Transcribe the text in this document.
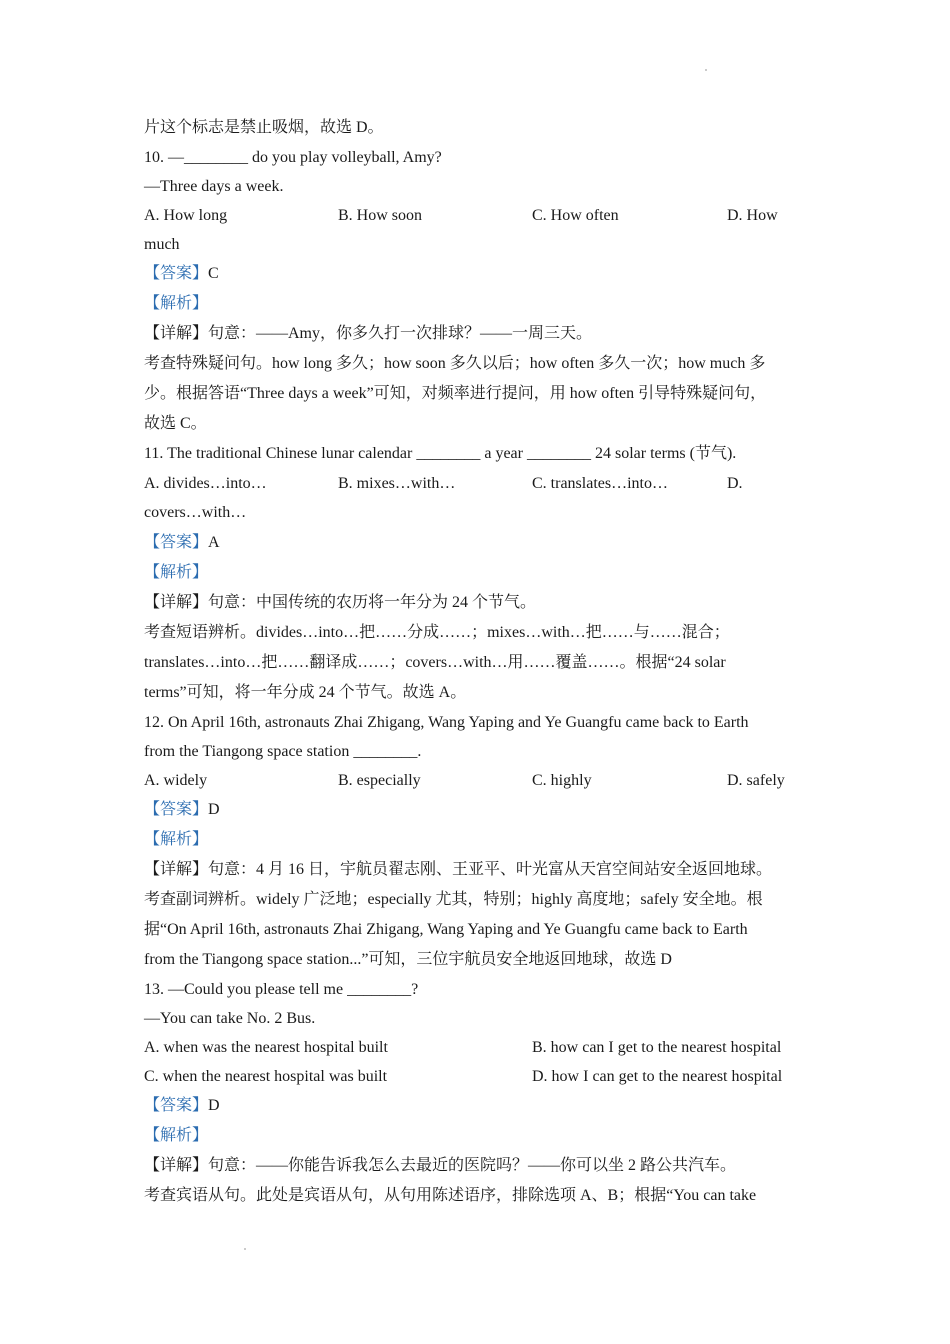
片这个标志是禁止吸烟，故选 D。
10. —________ do you play volleyball, Amy?
—Three days a week.
A. How long	B. How soon	C. How often	D. How
much
【答案】C
【解析】
【详解】句意：——Amy，你多久打一次排球？——一周三天。
考查特殊疑问句。how long 多久；how soon 多久以后；how often 多久一次；how much 多
少。根据答语“Three days a week”可知，对频率进行提问，用 how often 引导特殊疑问句，
故选 C。
11. The traditional Chinese lunar calendar ________ a year ________ 24 solar terms (节气).
A. divides…into…	B. mixes…with…	C. translates…into…	D.
covers…with…
【答案】A
【解析】
【详解】句意：中国传统的农历将一年分为 24 个节气。
考查短语辨析。divides…into…把……分成……；mixes…with…把……与……混合；
translates…into…把……翻译成……；covers…with…用……覆盖……。根据“24 solar
terms”可知，将一年分成 24 个节气。故选 A。
12. On April 16th, astronauts Zhai Zhigang, Wang Yaping and Ye Guangfu came back to Earth
from the Tiangong space station ________.
A. widely	B. especially	C. highly	D. safely
【答案】D
【解析】
【详解】句意：4 月 16 日，宇航员翟志刚、王亚平、叶光富从天宫空间站安全返回地球。
考查副词辨析。widely 广泛地；especially 尤其，特别；highly 高度地；safely 安全地。根
据“On April 16th, astronauts Zhai Zhigang, Wang Yaping and Ye Guangfu came back to Earth
from the Tiangong space station...”可知，三位宇航员安全地返回地球，故选 D
13. —Could you please tell me ________?
—You can take No. 2 Bus.
A. when was the nearest hospital built	B. how can I get to the nearest hospital
C. when the nearest hospital was built	D. how I can get to the nearest hospital
【答案】D
【解析】
【详解】句意：——你能告诉我怎么去最近的医院吗？——你可以坐 2 路公共汽车。
考查宾语从句。此处是宾语从句，从句用陈述语序，排除选项 A、B；根据“You can take
